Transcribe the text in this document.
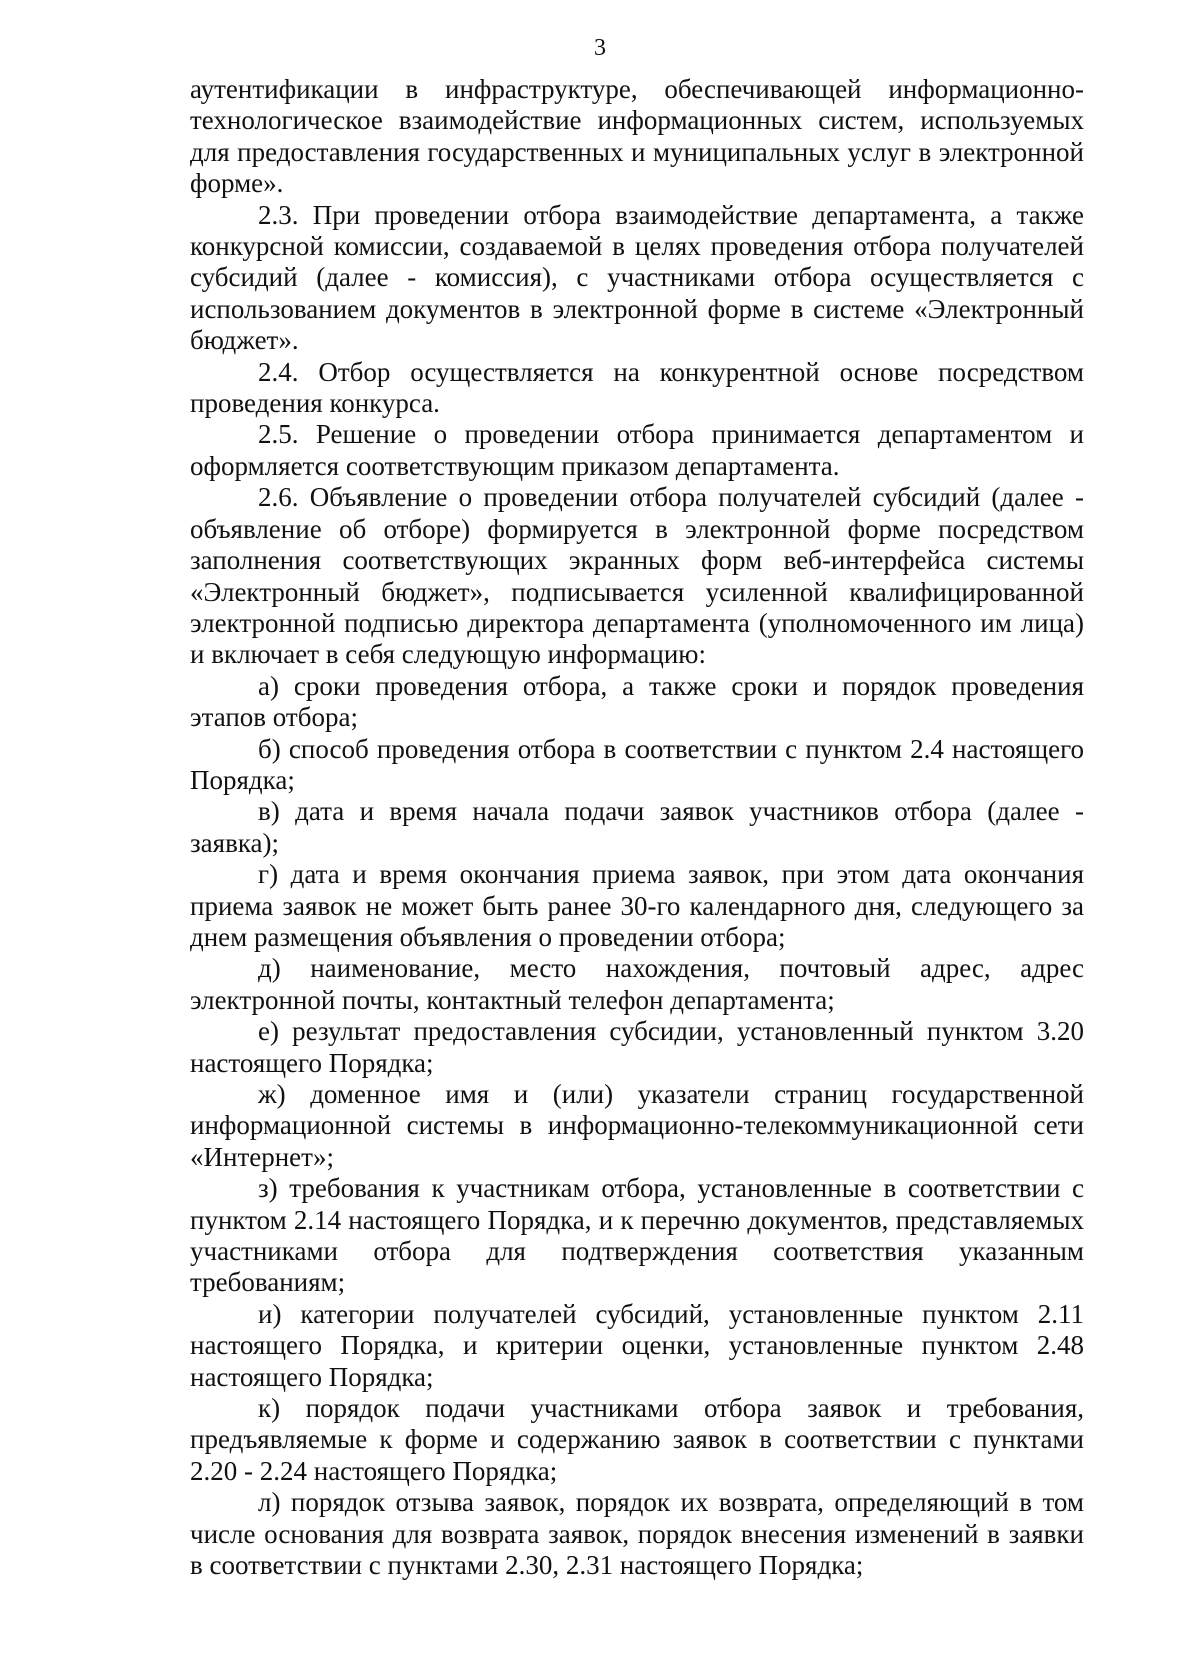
3

аутентификации в инфраструктуре, обеспечивающей информационно-технологическое взаимодействие информационных систем, используемых для предоставления государственных и муниципальных услуг в электронной форме».

2.3. При проведении отбора взаимодействие департамента, а также конкурсной комиссии, создаваемой в целях проведения отбора получателей субсидий (далее - комиссия), с участниками отбора осуществляется с использованием документов в электронной форме в системе «Электронный бюджет».

2.4. Отбор осуществляется на конкурентной основе посредством проведения конкурса.

2.5. Решение о проведении отбора принимается департаментом и оформляется соответствующим приказом департамента.

2.6. Объявление о проведении отбора получателей субсидий (далее - объявление об отборе) формируется в электронной форме посредством заполнения соответствующих экранных форм веб-интерфейса системы «Электронный бюджет», подписывается усиленной квалифицированной электронной подписью директора департамента (уполномоченного им лица) и включает в себя следующую информацию:

а) сроки проведения отбора, а также сроки и порядок проведения этапов отбора;

б) способ проведения отбора в соответствии с пунктом 2.4 настоящего Порядка;

в) дата и время начала подачи заявок участников отбора (далее - заявка);

г) дата и время окончания приема заявок, при этом дата окончания приема заявок не может быть ранее 30-го календарного дня, следующего за днем размещения объявления о проведении отбора;

д) наименование, место нахождения, почтовый адрес, адрес электронной почты, контактный телефон департамента;

е) результат предоставления субсидии, установленный пунктом 3.20 настоящего Порядка;

ж) доменное имя и (или) указатели страниц государственной информационной системы в информационно-телекоммуникационной сети «Интернет»;

з) требования к участникам отбора, установленные в соответствии с пунктом 2.14 настоящего Порядка, и к перечню документов, представляемых участниками отбора для подтверждения соответствия указанным требованиям;

и) категории получателей субсидий, установленные пунктом 2.11 настоящего Порядка, и критерии оценки, установленные пунктом 2.48 настоящего Порядка;

к) порядок подачи участниками отбора заявок и требования, предъявляемые к форме и содержанию заявок в соответствии с пунктами 2.20 - 2.24 настоящего Порядка;

л) порядок отзыва заявок, порядок их возврата, определяющий в том числе основания для возврата заявок, порядок внесения изменений в заявки в соответствии с пунктами 2.30, 2.31 настоящего Порядка;
